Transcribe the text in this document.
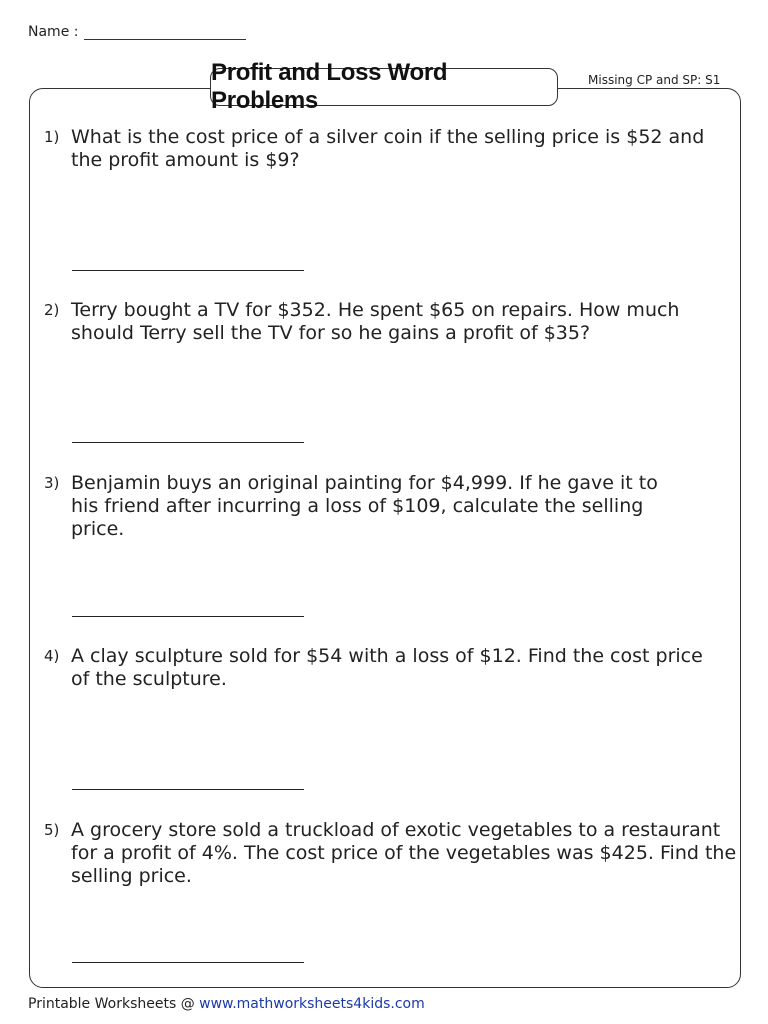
Name :
Profit and Loss Word Problems
Missing CP and SP: S1
1) What is the cost price of a silver coin if the selling price is $52 and the profit amount is $9?
2) Terry bought a TV for $352. He spent $65 on repairs. How much should Terry sell the TV for so he gains a profit of $35?
3) Benjamin buys an original painting for $4,999. If he gave it to his friend after incurring a loss of $109, calculate the selling price.
4) A clay sculpture sold for $54 with a loss of $12. Find the cost price of the sculpture.
5) A grocery store sold a truckload of exotic vegetables to a restaurant for a profit of 4%. The cost price of the vegetables was $425. Find the selling price.
Printable Worksheets @ www.mathworksheets4kids.com
